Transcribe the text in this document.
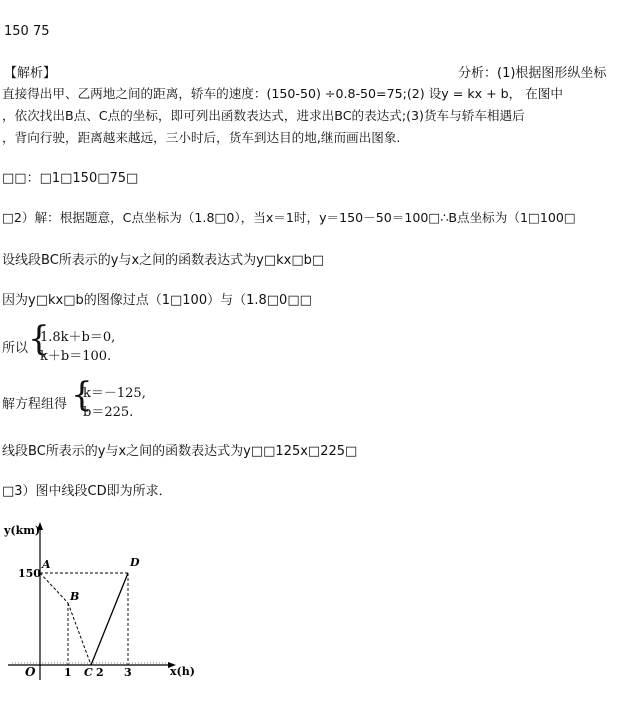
150 75
【解析】	分析：(1)根据图形纵坐标
直接得出甲、乙两地之间的距离，轿车的速度：(150-50) ÷0.8-50=75;(2) 设y = kx + b， 在图中
，依次找出B点、C点的坐标，即可列出函数表达式，进求出BC的表达式;(3)货车与轿车相遇后
，背向行驶，距离越来越远，三小时后，货车到达目的地,继而画出图象.
□□：□1□150□75□
□2）解：根据题意，C点坐标为（1.8□0），当x＝1时，y＝150－50＝100□∴B点坐标为（1□100□
设线段BC所表示的y与x之间的函数表达式为y□kx□b□
因为y□kx□b的图像过点（1□100）与（1.8□0□□
所以 {
1.8k＋b＝0,
k＋b＝100.
解方程组得 {
k＝－125,
b＝225.
线段BC所表示的y与x之间的函数表达式为y□□125x□225□
□3）图中线段CD即为所求．
y(km)
x(h)
O
150
1 2 3
A
B
C
D
